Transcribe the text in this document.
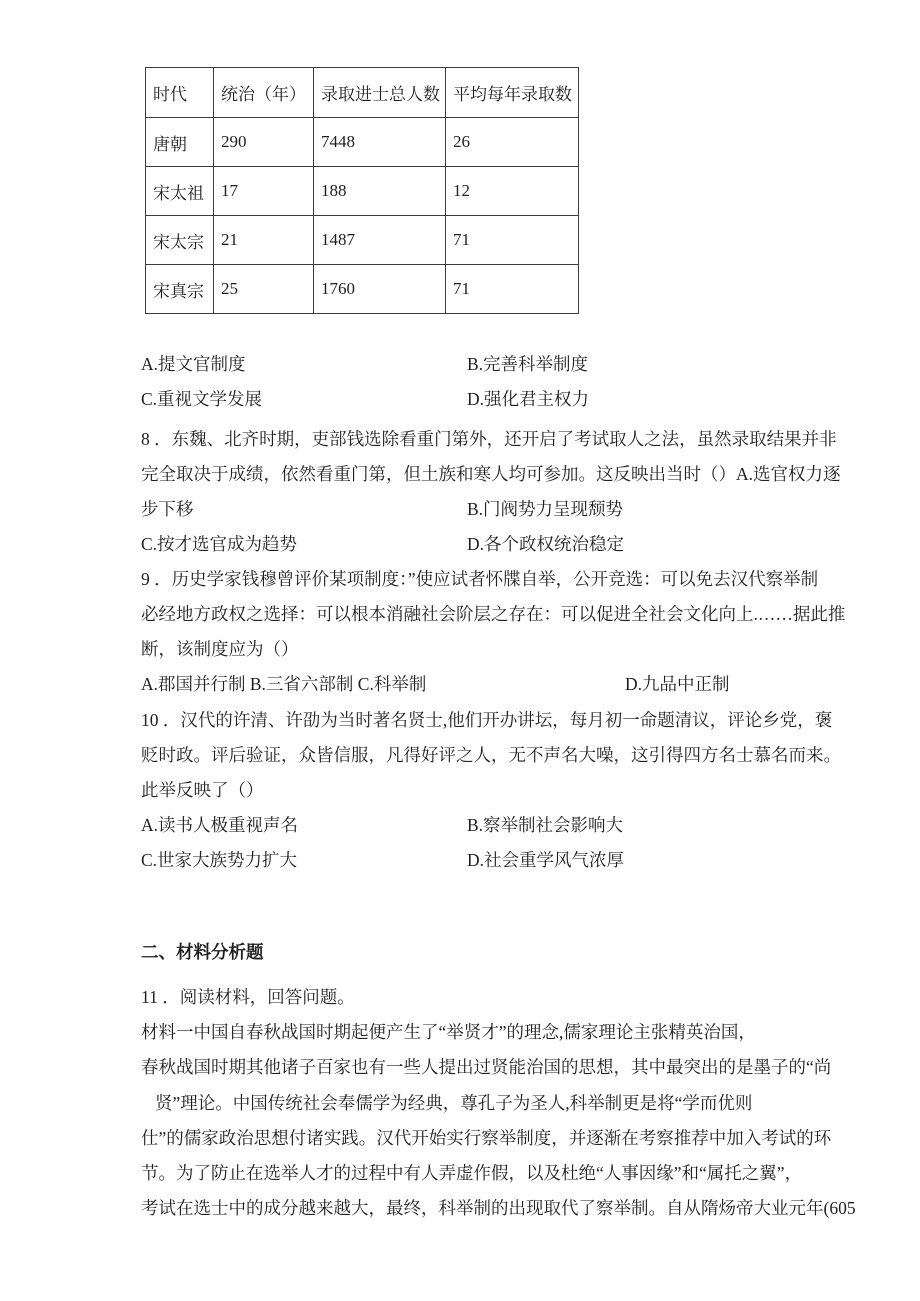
时代	统治（年）	录取进士总人数	平均每年录取数
唐朝	290	7448	26
宋太祖	17	188	12
宋太宗	21	1487	71
宋真宗	25	1760	71
A.提文官制度	B.完善科举制度
C.重视文学发展	D.强化君主权力
8 ．东魏、北齐时期，吏部钱选除看重门第外，还开启了考试取人之法，虽然录取结果并非
完全取决于成绩，依然看重门第，但土族和寒人均可参加。这反映出当时（）A.选官权力逐
步下移	B.门阀势力呈现颓势
C.按才选官成为趋势	D.各个政权统治稳定
9 ．历史学家钱穆曾评价某项制度：”使应试者怀牒自举，公开竞选：可以免去汉代察举制
必经地方政权之选择：可以根本消融社会阶层之存在：可以促进全社会文化向上.……据此推
断，该制度应为（）
A.郡国并行制 B.三省六部制 C.科举制	D.九品中正制
10 ．汉代的许清、许劭为当时著名贤士,他们开办讲坛，每月初一命题清议，评论乡党，褒
贬时政。评后验证，众皆信服，凡得好评之人，无不声名大噪，这引得四方名士慕名而来。
此举反映了（）
A.读书人极重视声名	B.察举制社会影响大
C.世家大族势力扩大	D.社会重学风气浓厚
二、材料分析题
11 ．阅读材料，回答问题。
材料一中国自春秋战国时期起便产生了“举贤才”的理念,儒家理论主张精英治国，
春秋战国时期其他诸子百家也有一些人提出过贤能治国的思想，其中最突出的是墨子的“尚
贤”理论。中国传统社会奉儒学为经典，尊孔子为圣人,科举制更是将“学而优则
仕”的儒家政治思想付诸实践。汉代开始实行察举制度，并逐渐在考察推荐中加入考试的环
节。为了防止在选举人才的过程中有人弄虚作假，以及杜绝“人事因缘”和“属托之翼”，
考试在选士中的成分越来越大，最终，科举制的出现取代了察举制。自从隋炀帝大业元年(605
